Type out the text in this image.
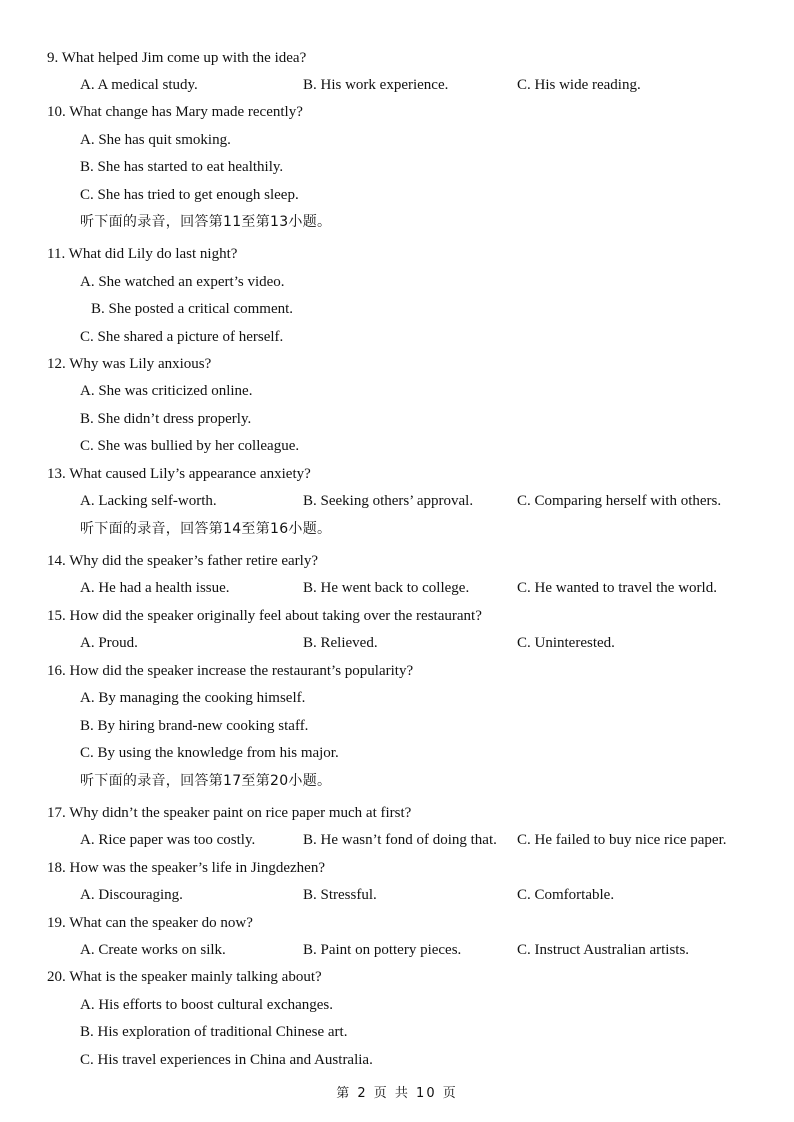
9. What helped Jim come up with the idea?
A. A medical study.	B. His work experience.	C. His wide reading.
10. What change has Mary made recently?
A. She has quit smoking.
B. She has started to eat healthily.
C. She has tried to get enough sleep.
听下面的录音，回答第11至第13小题。
11. What did Lily do last night?
A. She watched an expert’s video.
B. She posted a critical comment.
C. She shared a picture of herself.
12. Why was Lily anxious?
A. She was criticized online.
B. She didn’t dress properly.
C. She was bullied by her colleague.
13. What caused Lily’s appearance anxiety?
A. Lacking self-worth.	B. Seeking others’ approval.	C. Comparing herself with others.
听下面的录音，回答第14至第16小题。
14. Why did the speaker’s father retire early?
A. He had a health issue.	B. He went back to college.	C. He wanted to travel the world.
15. How did the speaker originally feel about taking over the restaurant?
A. Proud.	B. Relieved.	C. Uninterested.
16. How did the speaker increase the restaurant’s popularity?
A. By managing the cooking himself.
B. By hiring brand-new cooking staff.
C. By using the knowledge from his major.
听下面的录音，回答第17至第20小题。
17. Why didn’t the speaker paint on rice paper much at first?
A. Rice paper was too costly.	B. He wasn’t fond of doing that. C. He failed to buy nice rice paper.
18. How was the speaker’s life in Jingdezhen?
A. Discouraging.	B. Stressful.	C. Comfortable.
19. What can the speaker do now?
A. Create works on silk.	B. Paint on pottery pieces.	C. Instruct Australian artists.
20. What is the speaker mainly talking about?
A. His efforts to boost cultural exchanges.
B. His exploration of traditional Chinese art.
C. His travel experiences in China and Australia.
第 2 页 共 10 页
